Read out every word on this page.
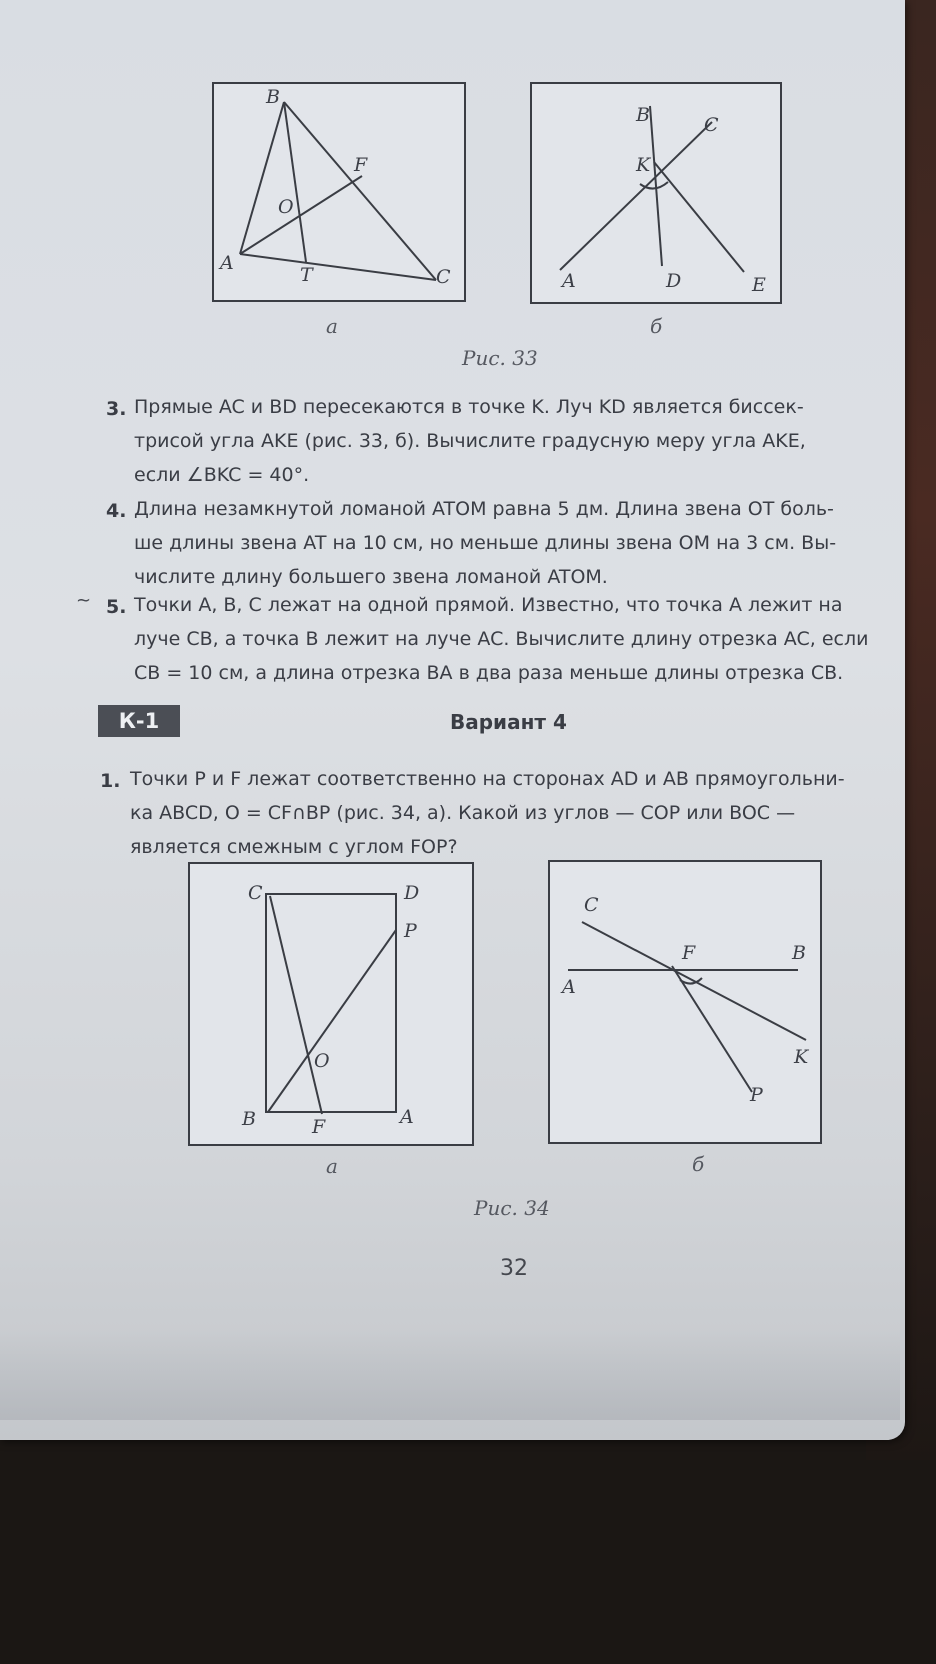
B
F
O
A
T	C
а
B	C
K
A	D	E
б
Рис. 33
3. Прямые AC и BD пересекаются в точке K. Луч KD является биссек-
трисой угла AKE (рис. 33, б). Вычислите градусную меру угла AKE,
если ∠BKC = 40°.
4. Длина незамкнутой ломаной ATOM равна 5 дм. Длина звена OT боль-
ше длины звена AT на 10 см, но меньше длины звена OM на 3 см. Вы-
числите длину большего звена ломаной ATOM.
~ 5. Точки A, B, C лежат на одной прямой. Известно, что точка A лежит на
луче CB, а точка B лежит на луче AC. Вычислите длину отрезка AC, если
CB = 10 см, а длина отрезка BA в два раза меньше длины отрезка CB.
К-1	Вариант 4
1. Точки P и F лежат соответственно на сторонах AD и AB прямоугольни-
ка ABCD, O = CF∩BP (рис. 34, а). Какой из углов — COP или BOC —
является смежным с углом FOP?
C	D
P
O
B	F	A
а
C
F	B
A
K
P
б
Рис. 34
32
